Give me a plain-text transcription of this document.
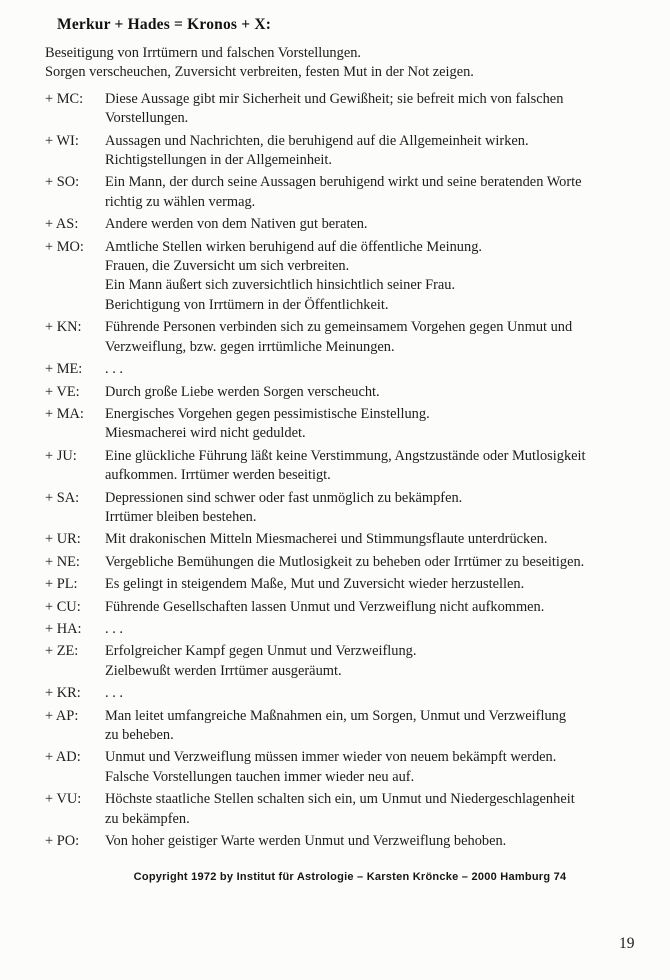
Merkur + Hades = Kronos + X:
Beseitigung von Irrtümern und falschen Vorstellungen.
Sorgen verscheuchen, Zuversicht verbreiten, festen Mut in der Not zeigen.
+ MC:	Diese Aussage gibt mir Sicherheit und Gewißheit; sie befreit mich von falschen
Vorstellungen.
+ WI:	Aussagen und Nachrichten, die beruhigend auf die Allgemeinheit wirken.
Richtigstellungen in der Allgemeinheit.
+ SO:	Ein Mann, der durch seine Aussagen beruhigend wirkt und seine beratenden Worte
richtig zu wählen vermag.
+ AS:	Andere werden von dem Nativen gut beraten.
+ MO:	Amtliche Stellen wirken beruhigend auf die öffentliche Meinung.
Frauen, die Zuversicht um sich verbreiten.
Ein Mann äußert sich zuversichtlich hinsichtlich seiner Frau.
Berichtigung von Irrtümern in der Öffentlichkeit.
+ KN:	Führende Personen verbinden sich zu gemeinsamem Vorgehen gegen Unmut und
Verzweiflung, bzw. gegen irrtümliche Meinungen.
+ ME:	. . .
+ VE:	Durch große Liebe werden Sorgen verscheucht.
+ MA:	Energisches Vorgehen gegen pessimistische Einstellung.
Miesmacherei wird nicht geduldet.
+ JU:	Eine glückliche Führung läßt keine Verstimmung, Angstzustände oder Mutlosigkeit
aufkommen. Irrtümer werden beseitigt.
+ SA:	Depressionen sind schwer oder fast unmöglich zu bekämpfen.
Irrtümer bleiben bestehen.
+ UR:	Mit drakonischen Mitteln Miesmacherei und Stimmungsflaute unterdrücken.
+ NE:	Vergebliche Bemühungen die Mutlosigkeit zu beheben oder Irrtümer zu beseitigen.
+ PL:	Es gelingt in steigendem Maße, Mut und Zuversicht wieder herzustellen.
+ CU:	Führende Gesellschaften lassen Unmut und Verzweiflung nicht aufkommen.
+ HA:	. . .
+ ZE:	Erfolgreicher Kampf gegen Unmut und Verzweiflung.
Zielbewußt werden Irrtümer ausgeräumt.
+ KR:	. . .
+ AP:	Man leitet umfangreiche Maßnahmen ein, um Sorgen, Unmut und Verzweiflung
zu beheben.
+ AD:	Unmut und Verzweiflung müssen immer wieder von neuem bekämpft werden.
Falsche Vorstellungen tauchen immer wieder neu auf.
+ VU:	Höchste staatliche Stellen schalten sich ein, um Unmut und Niedergeschlagenheit
zu bekämpfen.
+ PO:	Von hoher geistiger Warte werden Unmut und Verzweiflung behoben.
Copyright 1972 by Institut für Astrologie – Karsten Kröncke – 2000 Hamburg 74
19
